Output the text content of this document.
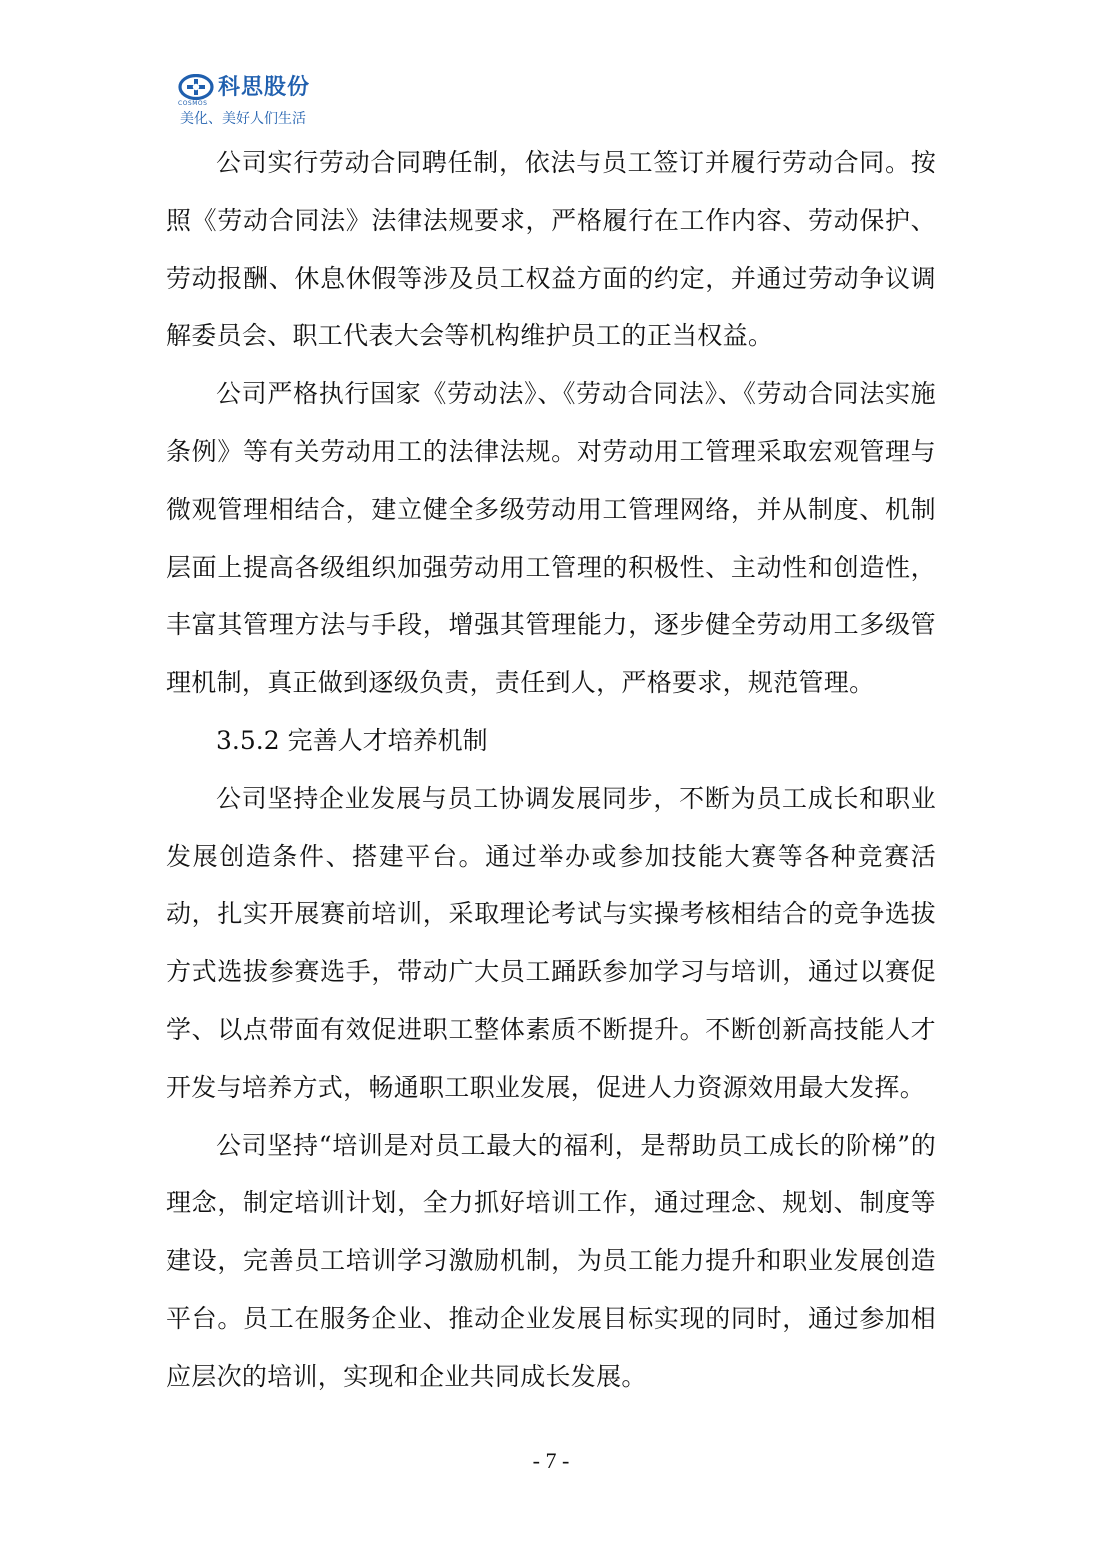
科思股份
COSMOS
美化、美好人们生活

公司实行劳动合同聘任制，依法与员工签订并履行劳动合同。按照《劳动合同法》法律法规要求，严格履行在工作内容、劳动保护、劳动报酬、休息休假等涉及员工权益方面的约定，并通过劳动争议调解委员会、职工代表大会等机构维护员工的正当权益。

公司严格执行国家《劳动法》、《劳动合同法》、《劳动合同法实施条例》等有关劳动用工的法律法规。对劳动用工管理采取宏观管理与微观管理相结合，建立健全多级劳动用工管理网络，并从制度、机制层面上提高各级组织加强劳动用工管理的积极性、主动性和创造性，丰富其管理方法与手段，增强其管理能力，逐步健全劳动用工多级管理机制，真正做到逐级负责，责任到人，严格要求，规范管理。

3.5.2 完善人才培养机制

公司坚持企业发展与员工协调发展同步，不断为员工成长和职业发展创造条件、搭建平台。通过举办或参加技能大赛等各种竞赛活动，扎实开展赛前培训，采取理论考试与实操考核相结合的竞争选拔方式选拔参赛选手，带动广大员工踊跃参加学习与培训，通过以赛促学、以点带面有效促进职工整体素质不断提升。不断创新高技能人才开发与培养方式，畅通职工职业发展，促进人力资源效用最大发挥。

公司坚持“培训是对员工最大的福利，是帮助员工成长的阶梯”的理念，制定培训计划，全力抓好培训工作，通过理念、规划、制度等建设，完善员工培训学习激励机制，为员工能力提升和职业发展创造平台。员工在服务企业、推动企业发展目标实现的同时，通过参加相应层次的培训，实现和企业共同成长发展。

- 7 -
